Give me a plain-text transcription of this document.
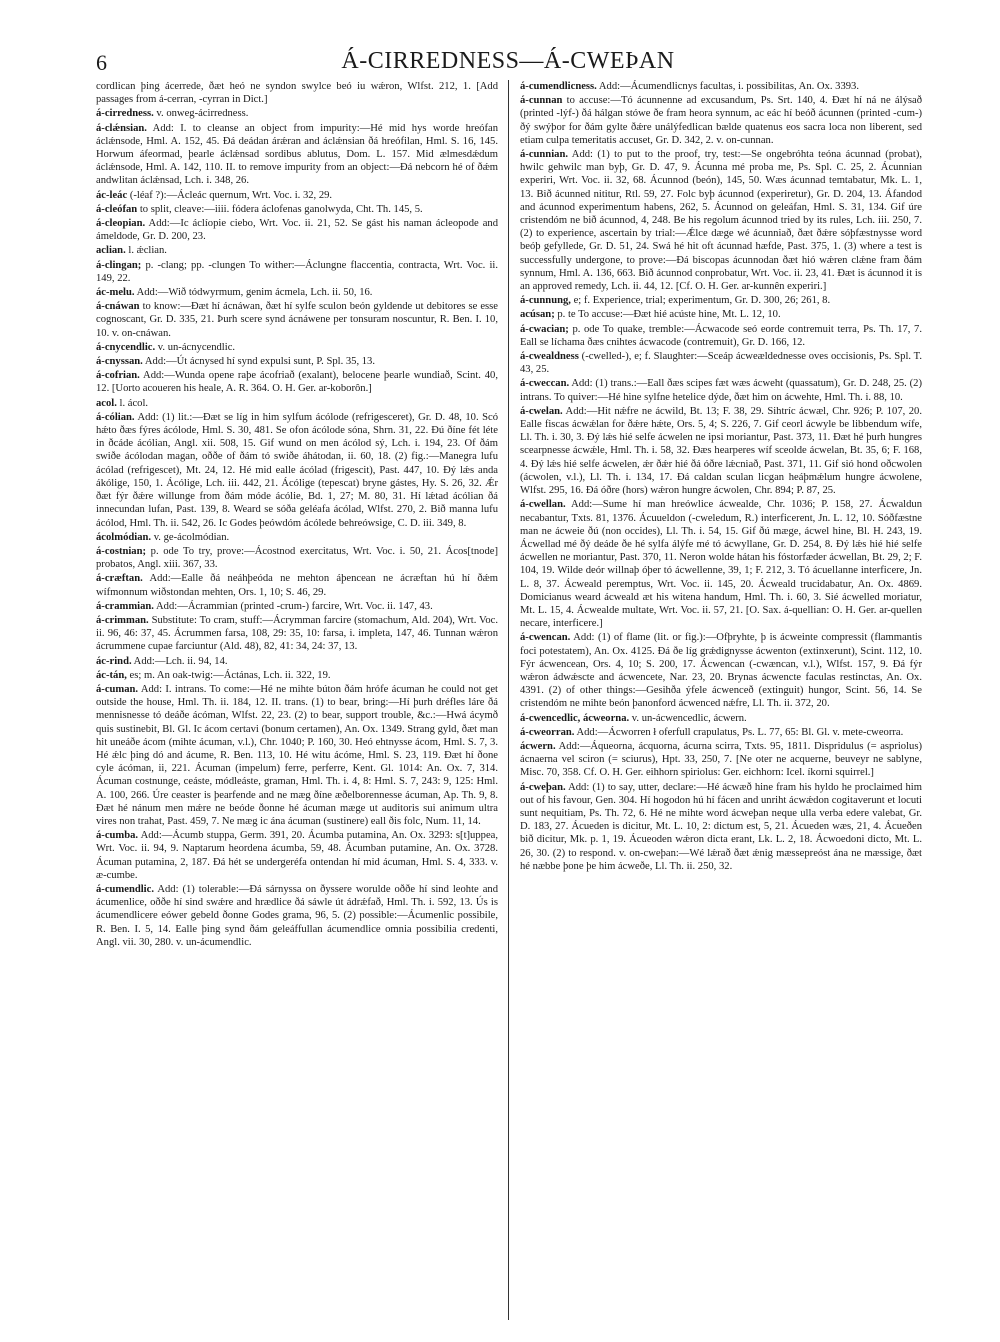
6	Á-CIRREDNESS—Á-CWEÞAN

cordlican þing ácerrede, ðæt heó ne syndon swylce beó iu wǽron, Wlfst. 212, 1. [Add passages from á-cerran, -cyrran in Dict.]

á-cirredness. v. onweg-ácirredness.

á-clǽnsian. Add: I. to cleanse an object from impurity:—Hé mid hys worde hreófan áclǽnsode, Hml. A. 152, 45. Ðá deádan árǽran and áclǽnsian ðá hreófilan, Hml. S. 16, 145. Horwum áfeormad, þearle áclǽnsad sordibus ablutus, Dom. L. 157. Mid ælmesdǽdum áclǽnsode, Hml. A. 142, 110. II. to remove impurity from an object:—Ðá nebcorn hé of ðǽm andwlitan áclǽnsad, Lch. i. 348, 26.

ác-leác (-léaf ?):—Áclеác quernum, Wrt. Voc. i. 32, 29.

á-cleófan to split, cleave:—iiii. fódera áclofenas ganolwyda, Cht. Th. 145, 5.

á-cleopian. Add:—Ic áclíopie ciebo, Wrt. Voc. ii. 21, 52. Se gást his naman ácleopode and ámeldode, Gr. D. 200, 23.

aclian. l. ǽclian.

á-clingan; p. -clang; pp. -clungen To wither:—Áclungne flaccentia, contracta, Wrt. Voc. ii. 149, 22.

ác-melu. Add:—Wið tódwyrmum, genim ácmela, Lch. ii. 50, 16.

á-cnáwan to know:—Ðæt hí ácnáwan, ðæt hí sylfe sculon beón gyldende ut debitores se esse cognoscant, Gr. D. 335, 21. Þurh scere synd ácnáwene per tonsuram noscuntur, R. Ben. I. 10, 10. v. on-cnáwan.

á-cnycendlic. v. un-ácnycendlic.

á-cnyssan. Add:—Út ácnysed hí synd expulsi sunt, P. Spl. 35, 13.

á-cofrian. Add:—Wunda opene raþe ácofriað (exalant), belocene þearle wundiað, Scint. 40, 12. [Uorto acoueren his heale, A. R. 364. O. H. Ger. ar-koborôn.]

acol. l. ácol.

á-cólian. Add: (1) lit.:—Ðæt se líg in him sylfum ácólode (refrigesceret), Gr. D. 48, 10. Scó hǽto ðæs fýres ácólode, Hml. S. 30, 481. Se ofon ácólode sóna, Shrn. 31, 22. Ðú ðíne fét léte in ðcáde ácólian, Angl. xii. 508, 15. Gif wund on men ácólod sý, Lch. i. 194, 23. Of ðám swiðe ácólodan magan, oððe of ðám tó swiðe áhátodan, ii. 60, 18. (2) fig.:—Manegra lufu ácólad (refrigescet), Mt. 24, 12. Hé mid ealle ácólad (frigescit), Past. 447, 10. Ðý lǽs anda ákólige, 150, 1. Ácólige, Lch. iii. 442, 21. Ácólige (tepescat) bryne gástes, Hy. S. 26, 32. Ǽr ðæt fýr ðǽre willunge from ðám móde ácólie, Bd. 1, 27; M. 80, 31. Hí lǽtad ácólian ðá innecundan lufan, Past. 139, 8. Weard se sóða geléafa ácólad, Wlfst. 270, 2. Bið manna lufu ácólod, Hml. Th. ii. 542, 26. Ic Godes þeówdóm ácólede behreówsige, C. D. iii. 349, 8.

ácolmódian. v. ge-ácolmódian.

á-costnian; p. ode To try, prove:—Ácostnod exercitatus, Wrt. Voc. i. 50, 21. Ácos[tnode] probatos, Angl. xiii. 367, 33.

á-cræftan. Add:—Ealle ðá neáhþeóda ne mehton áþencean ne ácræftan hú hí ðǽm wífmonnum wiðstondan mehten, Ors. 1, 10; S. 46, 29.

á-crammian. Add:—Ácrammian (printed -crum-) farcire, Wrt. Voc. ii. 147, 43.

á-crimman. Substitute: To cram, stuff:—Ácrymman farcire (stomachum, Ald. 204), Wrt. Voc. ii. 96, 46: 37, 45. Ácrummen farsa, 108, 29: 35, 10: farsa, i. impleta, 147, 46. Tunnan wǽron ácrummene cupae farciuntur (Ald. 48), 82, 41: 34, 24: 37, 13.

ác-rind. Add:—Lch. ii. 94, 14.

ác-tán, es; m. An oak-twig:—Áctánas, Lch. ii. 322, 19.

á-cuman. Add: I. intrans. To come:—Hé ne mihte búton ðám hrófe ácuman he could not get outside the house, Hml. Th. ii. 184, 12. II. trans. (1) to bear, bring:—Hí þurh dréfles láre ðá mennisnesse tó deáðe ácóman, Wlfst. 22, 23. (2) to bear, support trouble, &c.:—Hwá ácymð quis sustinebit, Bl. Gl. Ic ácom certavi (bonum certamen), An. Ox. 1349. Strang gyld, ðæt man hit uneáðe ácom (mihte ácuman, v.l.), Chr. 1040; P. 160, 30. Heó ehtnysse ácom, Hml. S. 7, 3. Hé ǽlc þing dó and ácume, R. Ben. 113, 10. Hé witu ácóme, Hml. S. 23, 119. Ðæt hí ðone cyle ácóman, ii, 221. Ácuman (impelum) ferre, perferre, Kent. Gl. 1014: An. Ox. 7, 314. Ácuman costnunge, ceáste, módleáste, graman, Hml. Th. i. 4, 8: Hml. S. 7, 243: 9, 125: Hml. A. 100, 266. Úre ceaster is þearfende and ne mæg ðíne æðelborennesse ácuman, Ap. Th. 9, 8. Ðæt hé nánum men mǽre ne beóde ðonne hé ácuman mæge ut auditoris sui animum ultra vires non trahat, Past. 459, 7. Ne mæg ic ána ácuman (sustinere) eall ðis folc, Num. 11, 14.

á-cumba. Add:—Ácumb stuppa, Germ. 391, 20. Ácumba putamina, An. Ox. 3293: s[t]uppea, Wrt. Voc. ii. 94, 9. Naptarum heordena ácumba, 59, 48. Ácumban putamine, An. Ox. 3728. Ácuman putamina, 2, 187. Ðá hét se undergeréfa ontendan hí mid ácuman, Hml. S. 4, 333. v. æ-cumbe.

á-cumendlic. Add: (1) tolerable:—Ðá sárnyssa on ðyssere worulde oððe hí sind leohte and ácumenlice, oððe hí sind swǽre and hrædlice ðá sáwle út ádrǽfað, Hml. Th. i. 592, 13. Ús is ácumendlicere eówer gebeld ðonne Godes grama, 96, 5. (2) possible:—Ácumenlic possibile, R. Ben. I. 5, 14. Ealle þing synd ðám geleáffullan ácumendlice omnia possibilia credenti, Angl. vii. 30, 280. v. un-ácumendlic.

á-cumendlicness. Add:—Ácumendlicnys facultas, i. possibilitas, An. Ox. 3393.

á-cunnan to accuse:—Tó ácunnenne ad excusandum, Ps. Srt. 140, 4. Ðæt hí ná ne álýsað (printed -lýf-) ðá hálgan stówe ðe fram heora synnum, ac eác hí beóð ácunnen (printed -cum-) ðý swýþor for ðám gylte ðǽre unálýfedlican bælde quatenus eos sacra loca non liberent, sed etiam culpa temeritatis accuset, Gr. D. 342, 2. v. on-cunnan.

á-cunnian. Add: (1) to put to the proof, try, test:—Se ongebróhta teóna ácunnad (probat), hwilc gehwilc man byþ, Gr. D. 47, 9. Ácunna mé proba me, Ps. Spl. C. 25, 2. Ácunnian experiri, Wrt. Voc. ii. 32, 68. Ácunnod (beón), 145, 50. Wæs ácunnad temtabatur, Mk. L. 1, 13. Bið ácunned nititur, Rtl. 59, 27. Folc byþ ácunnod (experiretur), Gr. D. 204, 13. Áfandod and ácunnod experimentum habens, 262, 5. Ácunnod on geleáfan, Hml. S. 31, 134. Gif úre cristendóm ne bið ácunnod, 4, 248. Be his regolum ácunnod tried by its rules, Lch. iii. 250, 7. (2) to experience, ascertain by trial:—Ǽlce dæge wé ácunniað, ðæt ðǽre sóþfæstnysse word beóþ gefyllede, Gr. D. 51, 24. Swá hé hit oft ácunnad hæfde, Past. 375, 1. (3) where a test is successfully undergone, to prove:—Ðá biscopas ácunnodan ðæt hió wǽren clǽne fram ðám synnum, Hml. A. 136, 663. Bið ácunnod conprobatur, Wrt. Voc. ii. 23, 41. Ðæt is ácunnod it is an approved remedy, Lch. ii. 44, 12. [Cf. O. H. Ger. ar-kunnên experiri.]

á-cunnung, e; f. Experience, trial; experimentum, Gr. D. 300, 26; 261, 8.

acúsan; p. te To accuse:—Ðæt hié acúste hine, Mt. L. 12, 10.

á-cwacian; p. ode To quake, tremble:—Ácwacode seó eorde contremuit terra, Ps. Th. 17, 7. Eall se líchama ðæs cnihtes ácwacode (contremuit), Gr. D. 166, 12.

á-cwealdness (-cwelled-), e; f. Slaughter:—Sceáp ácweældednesse oves occisionis, Ps. Spl. T. 43, 25.

á-cweccan. Add: (1) trans.:—Eall ðæs scipes fæt wæs ácweht (quassatum), Gr. D. 248, 25. (2) intrans. To quiver:—Hé hine sylfne hetelice dýde, ðæt him on ácwehte, Hml. Th. i. 88, 10.

á-cwelan. Add:—Hit nǽfre ne ácwild, Bt. 13; F. 38, 29. Sihtríc ácwæl, Chr. 926; P. 107, 20. Ealle fiscas ácwǽlan for ðǽre hǽte, Ors. 5, 4; S. 226, 7. Gif ceorl ácwyle be libbendum wífe, Ll. Th. i. 30, 3. Ðý lǽs hié selfe ácwelen ne ipsi moriantur, Past. 373, 11. Ðæt hé þurh hungres scearpnesse ácwǽle, Hml. Th. i. 58, 32. Ðæs hearperes wíf sceolde ácwelan, Bt. 35, 6; F. 168, 4. Ðý lǽs hié selfe ácwelen, ǽr ðǽr hié ðá óðre lǽcniað, Past. 371, 11. Gif sió hond oðcwolen (ácwolen, v.l.), Ll. Th. i. 134, 17. Ðá caldan sculan licgan heáþmǽlum hungre ácwolene, Wlfst. 295, 16. Ðá óðre (hors) wǽron hungre ácwolen, Chr. 894; P. 87, 25.

á-cwellan. Add:—Sume hí man hreówlice ácwealde, Chr. 1036; P. 158, 27. Ácwaldun necabantur, Txts. 81, 1376. Ácuueldon (-cweledum, R.) interficerent, Jn. L. 12, 10. Sóðfæstne man ne ácweie ðú (non occides), Ll. Th. i. 54, 15. Gif ðú mæge, ácwel hine, Bl. H. 243, 19. Ácwellad mé ðý deáde ðe hé sylfa álýfe mé tó ácwyllane, Gr. D. 254, 8. Ðý lǽs hié hié selfe ácwellen ne moriantur, Past. 370, 11. Neron wolde hátan his fóstorfæder ácwellan, Bt. 29, 2; F. 104, 19. Wilde deór willnaþ óþer tó ácwellenne, 39, 1; F. 212, 3. Tó ácuellanne interficere, Jn. L. 8, 37. Ácweald peremptus, Wrt. Voc. ii. 145, 20. Ácweald trucidabatur, An. Ox. 4869. Domicianus weard ácweald æt his witena handum, Hml. Th. i. 60, 3. Sié ácwelled moriatur, Mt. L. 15, 4. Ácwealde multate, Wrt. Voc. ii. 57, 21. [O. Sax. á-quellian: O. H. Ger. ar-quellen necare, interficere.]

á-cwencan. Add: (1) of flame (lit. or fig.):—Ofþryhte, þ is ácweinte compressit (flammantis foci potestatem), An. Ox. 4125. Ðá ðe líg grǽdignysse ácwenton (extinxerunt), Scint. 112, 10. Fýr ácwencean, Ors. 4, 10; S. 200, 17. Ácwencan (-cwæncan, v.l.), Wlfst. 157, 9. Ðá fýr wǽron ádwǽscte and ácwencete, Nar. 23, 20. Brynas ácwencte faculas restinctas, An. Ox. 4391. (2) of other things:—Gesihða ýfele ácwenceð (extinguit) hungor, Scint. 56, 14. Se cristendóm ne mihte beón þanonford ácwenced nǽfre, Ll. Th. ii. 372, 20.

á-cwencedlic, ácweorna. v. un-ácwencedlic, ácwern.

á-cweorran. Add:—Ácworren ł oferfull crapulatus, Ps. L. 77, 65: Bl. Gl. v. mete-cweorra.

ácwern. Add:—Áqueorna, ácquorna, ácurna scirra, Txts. 95, 1811. Dispridulus (= aspriolus) ácnaerna vel sciron (= sciurus), Hpt. 33, 250, 7. [Ne oter ne acquerne, beuveyr ne sablyne, Misc. 70, 358. Cf. O. H. Ger. eihhorn spiriolus: Ger. eichhorn: Icel. íkorni squirrel.]

á-cweþan. Add: (1) to say, utter, declare:—Hé ácwæð hine fram his hyldo he proclaimed him out of his favour, Gen. 304. Hí hogodon hú hí fácen and unriht ácwǽdon cogitaverunt et locuti sunt nequitiam, Ps. Th. 72, 6. Hé ne mihte word ácweþan neque ulla verba edere valebat, Gr. D. 183, 27. Ácueden is dicitur, Mt. L. 10, 2: dictum est, 5, 21. Ácueden wæs, 21, 4. Ácueðen bið dicitur, Mk. p. 1, 19. Ácueoden wǽron dicta erant, Lk. L. 2, 18. Ácwoedoni dicto, Mt. L. 26, 30. (2) to respond. v. on-cweþan:—Wé lǽrað ðæt ǽnig mæssepreóst ána ne mæssige, ðæt hé næbbe þone þe him ácweðe, Ll. Th. ii. 250, 32.
